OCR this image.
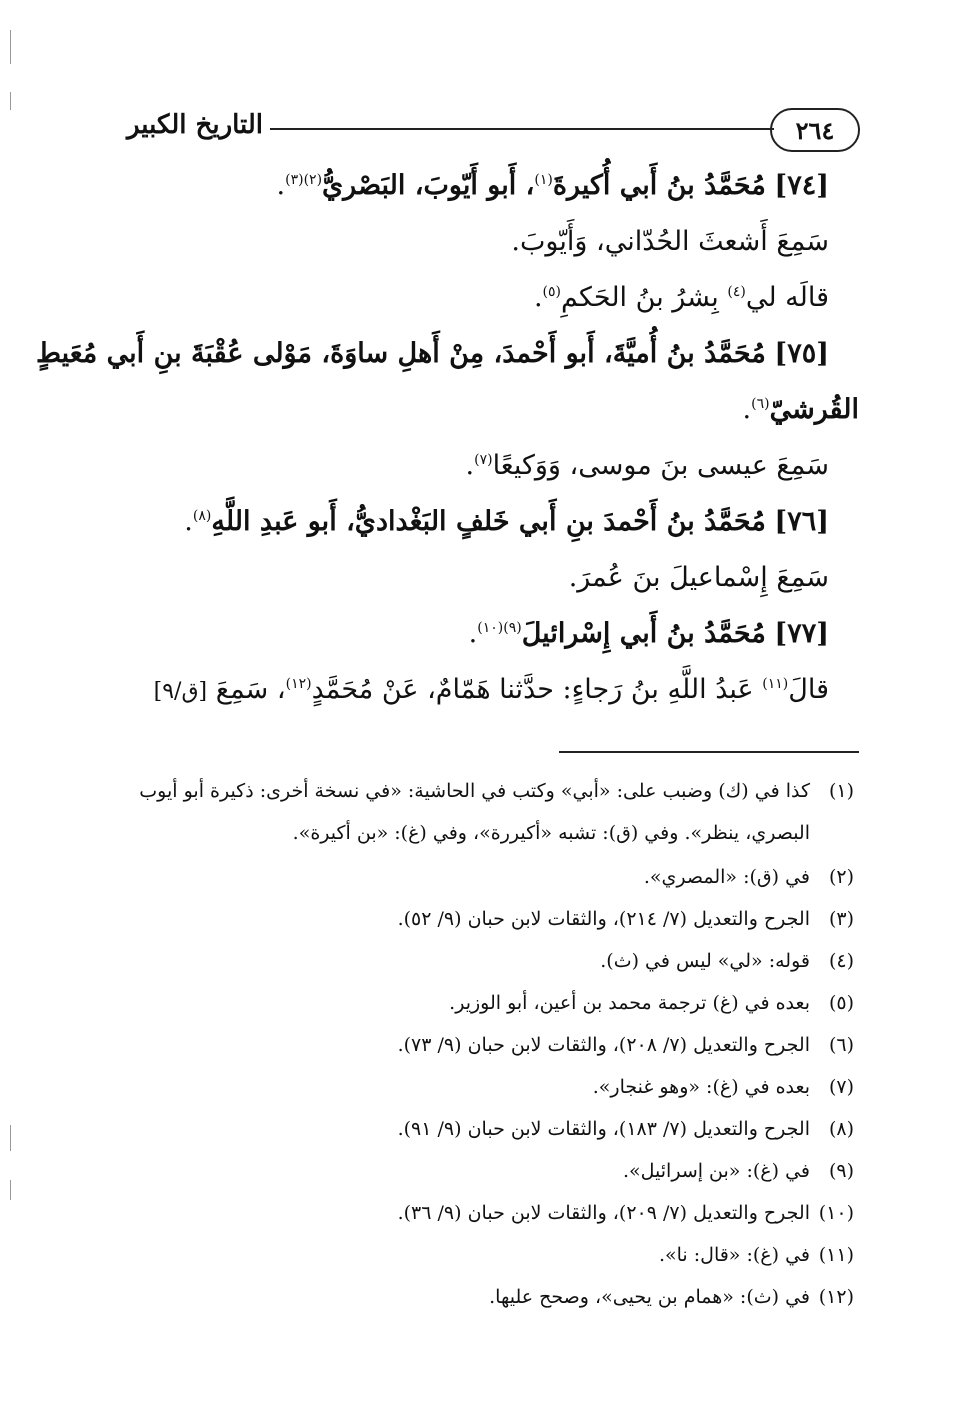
٢٦٤
التاريخ الكبير
[٧٤] مُحَمَّدُ بنُ أَبي أُكيرةَ$^{(١)}$، أَبو أَيّوبَ، البَصْريُّ$^{(٢)(٣)}$.
سَمِعَ أَشعثَ الحُدّاني، وَأَيّوبَ.
قالَه لي$^{(٤)}$ بِشرُ بنُ الحَكمِ$^{(٥)}$.
[٧٥] مُحَمَّدُ بنُ أُميَّةَ، أَبو أَحْمدَ، مِنْ أَهلِ ساوَةَ، مَوْلى عُقْبَةَ بنِ أَبي مُعَيطٍ
القُرشيّ$^{(٦)}$.
سَمِعَ عيسى بنَ موسى، وَوَكيعًا$^{(٧)}$.
[٧٦] مُحَمَّدُ بنُ أَحْمدَ بنِ أَبي خَلفٍ البَغْداديُّ، أَبو عَبدِ اللَّهِ$^{(٨)}$.
سَمِعَ إِسْماعيلَ بنَ عُمرَ.
[٧٧] مُحَمَّدُ بنُ أَبي إِسْرائيلَ$^{(٩)(١٠)}$.
قالَ$^{(١١)}$ عَبدُ اللَّهِ بنُ رَجاءٍ: حدَّثنا هَمّامٌ، عَنْ مُحَمَّدٍ$^{(١٢)}$، سَمِعَ [ق/٩]
(١)كذا في (ك) وضبب على: «أبي» وكتب في الحاشية: «في نسخة أخرى: ذكيرة أبو أيوب
البصري، ينظر». وفي (ق): تشبه «أكيررة»، وفي (غ): «بن أكيرة».
(٢)في (ق): «المصري».
(٣)الجرح والتعديل (٧/ ٢١٤)، والثقات لابن حبان (٩/ ٥٢).
(٤)قوله: «لي» ليس في (ث).
(٥)بعده في (غ) ترجمة محمد بن أعين، أبو الوزير.
(٦)الجرح والتعديل (٧/ ٢٠٨)، والثقات لابن حبان (٩/ ٧٣).
(٧)بعده في (غ): «وهو غنجار».
(٨)الجرح والتعديل (٧/ ١٨٣)، والثقات لابن حبان (٩/ ٩١).
(٩)في (غ): «بن إسرائيل».
(١٠)الجرح والتعديل (٧/ ٢٠٩)، والثقات لابن حبان (٩/ ٣٦).
(١١)في (غ): «قال: نا».
(١٢)في (ث): «همام بن يحيى»، وصحح عليها.
